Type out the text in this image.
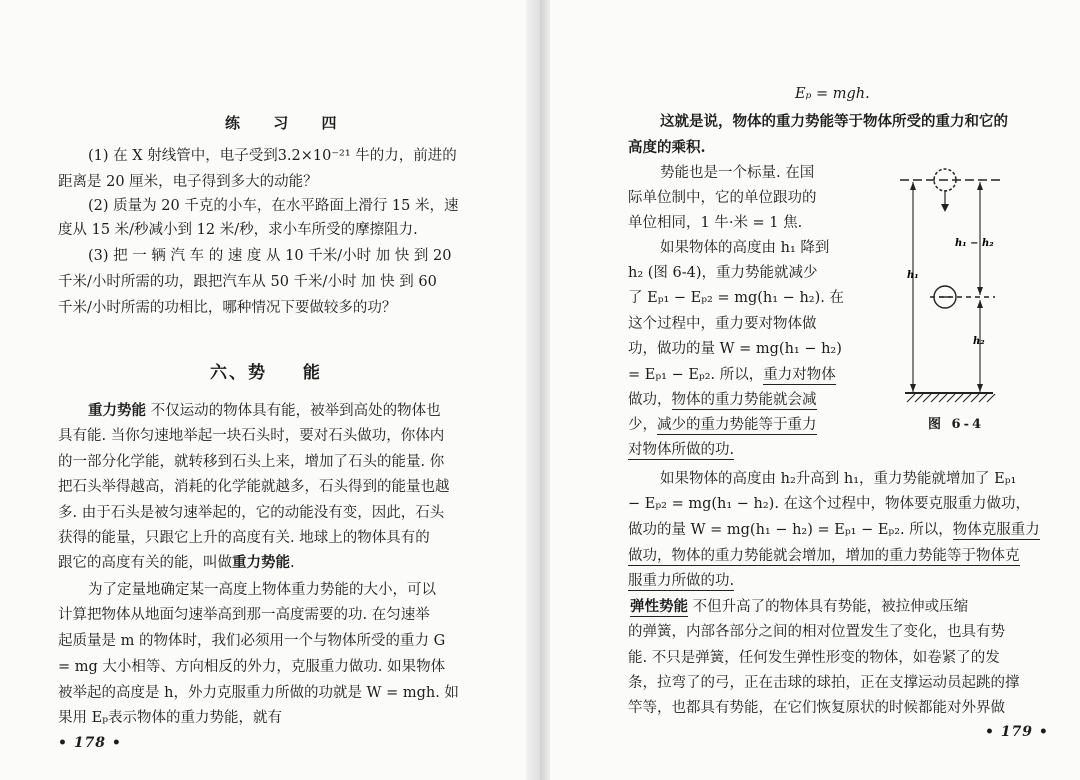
练 习 四
(1) 在 X 射线管中，电子受到3.2×10⁻²¹ 牛的力，前进的
距离是 20 厘米，电子得到多大的动能？
(2) 质量为 20 千克的小车，在水平路面上滑行 15 米，速
度从 15 米/秒减小到 12 米/秒，求小车所受的摩擦阻力.
(3) 把 一 辆 汽 车 的 速 度 从 10 千米/小时 加 快 到 20
千米/小时所需的功，跟把汽车从 50 千米/小时 加 快 到 60
千米/小时所需的功相比，哪种情况下要做较多的功？
六、势 能
重力势能 不仅运动的物体具有能，被举到高处的物体也
具有能. 当你匀速地举起一块石头时，要对石头做功，你体内
的一部分化学能，就转移到石头上来，增加了石头的能量. 你
把石头举得越高，消耗的化学能就越多，石头得到的能量也越
多. 由于石头是被匀速举起的，它的动能没有变，因此，石头
获得的能量，只跟它上升的高度有关. 地球上的物体具有的
跟它的高度有关的能，叫做重力势能.
为了定量地确定某一高度上物体重力势能的大小，可以
计算把物体从地面匀速举高到那一高度需要的功. 在匀速举
起质量是 m 的物体时，我们必须用一个与物体所受的重力 G
= mg 大小相等、方向相反的外力，克服重力做功. 如果物体
被举起的高度是 h，外力克服重力所做的功就是 W = mgh. 如
果用 Eₚ表示物体的重力势能，就有
• 178 •
Eₚ = mgh.
这就是说，物体的重力势能等于物体所受的重力和它的
高度的乘积.
势能也是一个标量. 在国
际单位制中，它的单位跟功的
单位相同，1 牛·米 = 1 焦.
如果物体的高度由 h₁ 降到
h₂ (图 6-4)，重力势能就减少
了 Eₚ₁ − Eₚ₂ = mg(h₁ − h₂). 在
这个过程中，重力要对物体做
功，做功的量 W = mg(h₁ − h₂)
= Eₚ₁ − Eₚ₂. 所以，重力对物体
做功，物体的重力势能就会减
少，减少的重力势能等于重力
对物体所做的功.
h₁
h₁ − h₂
h₂
图 6-4
如果物体的高度由 h₂升高到 h₁，重力势能就增加了 Eₚ₁
− Eₚ₂ = mg(h₁ − h₂). 在这个过程中，物体要克服重力做功，
做功的量 W = mg(h₁ − h₂) = Eₚ₁ − Eₚ₂. 所以，物体克服重力
做功，物体的重力势能就会增加，增加的重力势能等于物体克
服重力所做的功.
弹性势能 不但升高了的物体具有势能，被拉伸或压缩
的弹簧，内部各部分之间的相对位置发生了变化，也具有势
能. 不只是弹簧，任何发生弹性形变的物体，如卷紧了的发
条，拉弯了的弓，正在击球的球拍，正在支撑运动员起跳的撑
竿等，也都具有势能，在它们恢复原状的时候都能对外界做
• 179 •
